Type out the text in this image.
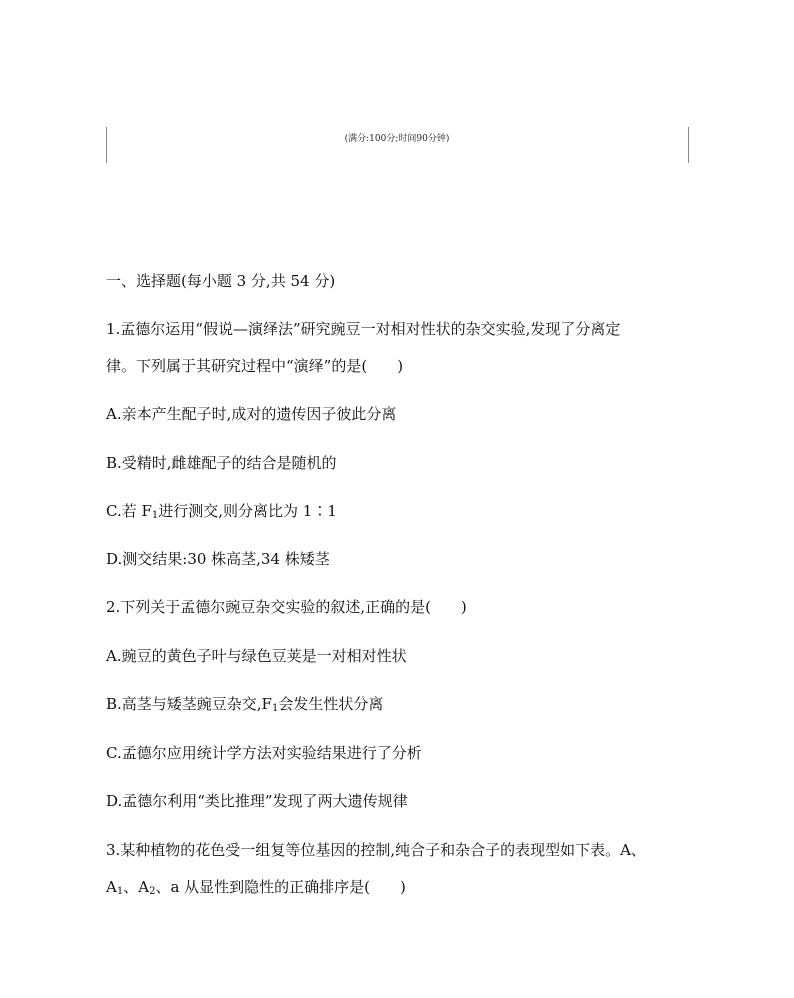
(满分:100分;时间90分钟)
一、选择题(每小题 3 分,共 54 分)
1.孟德尔运用“假说—演绎法”研究豌豆一对相对性状的杂交实验,发现了分离定
律。下列属于其研究过程中“演绎”的是(　　)
A.亲本产生配子时,成对的遗传因子彼此分离
B.受精时,雌雄配子的结合是随机的
C.若 $F_1$进行测交,则分离比为 1∶1
D.测交结果:30 株高茎,34 株矮茎
2.下列关于孟德尔豌豆杂交实验的叙述,正确的是(　　)
A.豌豆的黄色子叶与绿色豆荚是一对相对性状
B.高茎与矮茎豌豆杂交$,F_1$会发生性状分离
C.孟德尔应用统计学方法对实验结果进行了分析
D.孟德尔利用“类比推理”发现了两大遗传规律
3.某种植物的花色受一组复等位基因的控制,纯合子和杂合子的表现型如下表。A、
$A_1$、$A_2$、a 从显性到隐性的正确排序是(　　)
